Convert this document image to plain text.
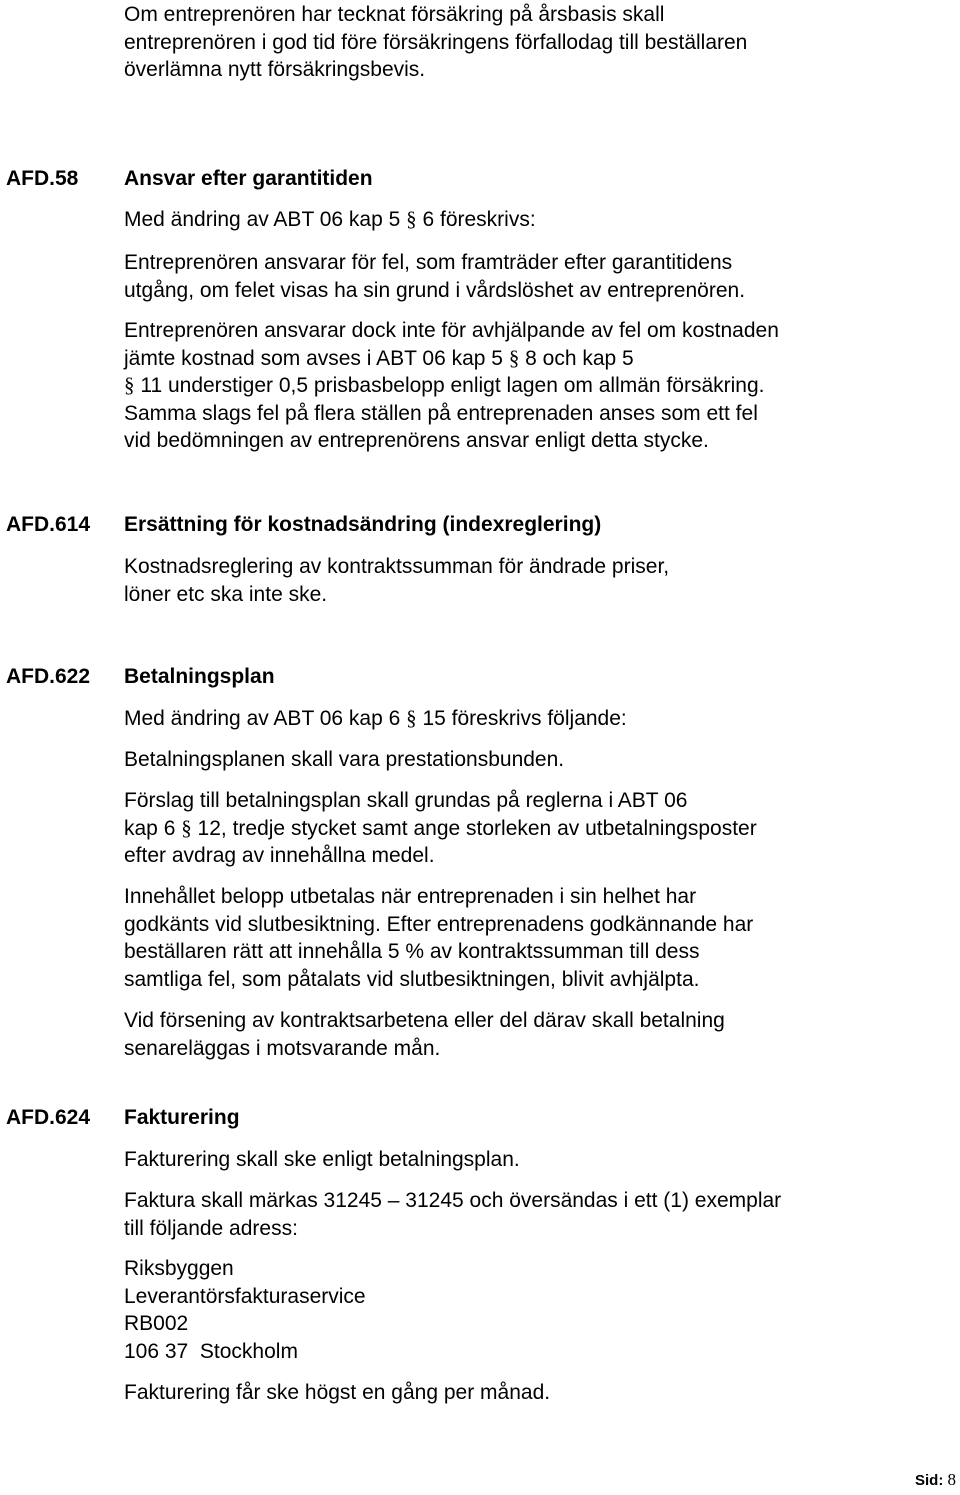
Om entreprenören har tecknat försäkring på årsbasis skall
entreprenören i god tid före försäkringens förfallodag till beställaren
överlämna nytt försäkringsbevis.
AFD.58 Ansvar efter garantitiden
Med ändring av ABT 06 kap 5 § 6 föreskrivs:
Entreprenören ansvarar för fel, som framträder efter garantitidens
utgång, om felet visas ha sin grund i vårdslöshet av entreprenören.
Entreprenören ansvarar dock inte för avhjälpande av fel om kostnaden
jämte kostnad som avses i ABT 06 kap 5 § 8 och kap 5
§ 11 understiger 0,5 prisbasbelopp enligt lagen om allmän försäkring.
Samma slags fel på flera ställen på entreprenaden anses som ett fel
vid bedömningen av entreprenörens ansvar enligt detta stycke.
AFD.614 Ersättning för kostnadsändring (indexreglering)
Kostnadsreglering av kontraktssumman för ändrade priser,
löner etc ska inte ske.
AFD.622 Betalningsplan
Med ändring av ABT 06 kap 6 § 15 föreskrivs följande:
Betalningsplanen skall vara prestationsbunden.
Förslag till betalningsplan skall grundas på reglerna i ABT 06
kap 6 § 12, tredje stycket samt ange storleken av utbetalningsposter
efter avdrag av innehållna medel.
Innehållet belopp utbetalas när entreprenaden i sin helhet har
godkänts vid slutbesiktning. Efter entreprenadens godkännande har
beställaren rätt att innehålla 5 % av kontraktssumman till dess
samtliga fel, som påtalats vid slutbesiktningen, blivit avhjälpta.
Vid försening av kontraktsarbetena eller del därav skall betalning
senareläggas i motsvarande mån.
AFD.624 Fakturering
Fakturering skall ske enligt betalningsplan.
Faktura skall märkas 31245 – 31245 och översändas i ett (1) exemplar
till följande adress:
Riksbyggen
Leverantörsfakturaservice
RB002
106 37  Stockholm
Fakturering får ske högst en gång per månad.
Sid: 8
